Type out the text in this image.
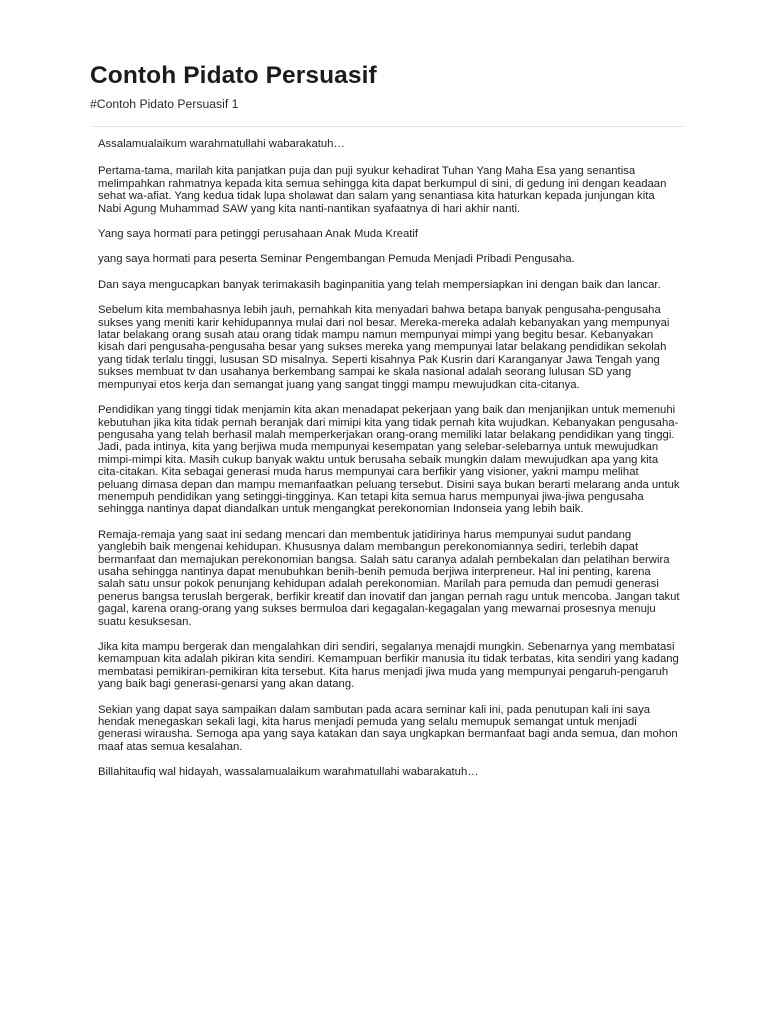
Contoh Pidato Persuasif
#Contoh Pidato Persuasif 1

Assalamualaikum warahmatullahi wabarakatuh…

Pertama-tama, marilah kita panjatkan puja dan puji syukur kehadirat Tuhan Yang Maha Esa yang senantisa melimpahkan rahmatnya kepada kita semua sehingga kita dapat berkumpul di sini, di gedung ini dengan keadaan sehat wa-afiat. Yang kedua tidak lupa sholawat dan salam yang senantiasa kita haturkan kepada junjungan kita Nabi Agung Muhammad SAW yang kita nanti-nantikan syafaatnya di hari akhir nanti.

Yang saya hormati para petinggi perusahaan Anak Muda Kreatif

yang saya hormati para peserta Seminar Pengembangan Pemuda Menjadi Pribadi Pengusaha.

Dan saya mengucapkan banyak terimakasih baginpanitia yang telah mempersiapkan ini dengan baik dan lancar.

Sebelum kita membahasnya lebih jauh, pernahkah kita menyadari bahwa betapa banyak pengusaha-pengusaha sukses yang meniti karir kehidupannya mulai dari nol besar. Mereka-mereka adalah kebanyakan yang mempunyai latar belakang orang susah atau orang tidak mampu namun mempunyai mimpi yang begitu besar. Kebanyakan kisah dari pengusaha-pengusaha besar yang sukses mereka yang mempunyai latar belakang pendidikan sekolah yang tidak terlalu tinggi, lususan SD misalnya. Seperti kisahnya Pak Kusrin dari Karanganyar Jawa Tengah yang sukses membuat tv dan usahanya berkembang sampai ke skala nasional adalah seorang lulusan SD yang mempunyai etos kerja dan semangat juang yang sangat tinggi mampu mewujudkan cita-citanya.

Pendidikan yang tinggi tidak menjamin kita akan menadapat pekerjaan yang baik dan menjanjikan untuk memenuhi kebutuhan jika kita tidak pernah beranjak dari mimipi kita yang tidak pernah kita wujudkan. Kebanyakan pengusaha-pengusaha yang telah berhasil malah memperkerjakan orang-orang memiliki latar belakang pendidikan yang tinggi. Jadi, pada intinya, kita yang berjiwa muda mempunyai kesempatan yang selebar-selebarnya untuk mewujudkan mimpi-mimpi kita. Masih cukup banyak waktu untuk berusaha sebaik mungkin dalam mewujudkan apa yang kita cita-citakan. Kita sebagai generasi muda harus mempunyai cara berfikir yang visioner, yakni mampu melihat peluang dimasa depan dan mampu memanfaatkan peluang tersebut. Disini saya bukan berarti melarang anda untuk menempuh pendidikan yang setinggi-tingginya. Kan tetapi kita semua harus mempunyai jiwa-jiwa pengusaha sehingga nantinya dapat diandalkan untuk mengangkat perekonomian Indonseia yang lebih baik.

Remaja-remaja yang saat ini sedang mencari dan membentuk jatidirinya harus mempunyai sudut pandang yanglebih baik mengenai kehidupan. Khususnya dalam membangun perekonomiannya sediri, terlebih dapat bermanfaat dan memajukan perekonomian bangsa. Salah satu caranya adalah pembekalan dan pelatihan berwira usaha sehingga nantinya dapat menubuhkan benih-benih pemuda berjiwa interpreneur. Hal ini penting, karena salah satu unsur pokok penunjang kehidupan adalah perekonomian. Marilah para pemuda dan pemudi generasi penerus bangsa teruslah bergerak, berfikir kreatif dan inovatif dan jangan pernah ragu untuk mencoba. Jangan takut gagal, karena orang-orang yang sukses bermuloa dari kegagalan-kegagalan yang mewarnai prosesnya menuju suatu kesuksesan.

Jika kita mampu bergerak dan mengalahkan diri sendiri, segalanya menajdi mungkin. Sebenarnya yang membatasi kemampuan kita adalah pikiran kita sendiri. Kemampuan berfikir manusia itu tidak terbatas, kita sendiri yang kadang membatasi pemikiran-pemikiran kita tersebut. Kita harus menjadi jiwa muda yang mempunyai pengaruh-pengaruh yang baik bagi generasi-genarsi yang akan datang.

Sekian yang dapat saya sampaikan dalam sambutan pada acara seminar kali ini, pada penutupan kali ini saya hendak menegaskan sekali lagi, kita harus menjadi pemuda yang selalu memupuk semangat untuk menjadi generasi wirausha. Semoga apa yang saya katakan dan saya ungkapkan bermanfaat bagi anda semua, dan mohon maaf atas semua kesalahan.

Billahitaufiq wal hidayah, wassalamualaikum warahmatullahi wabarakatuh…
